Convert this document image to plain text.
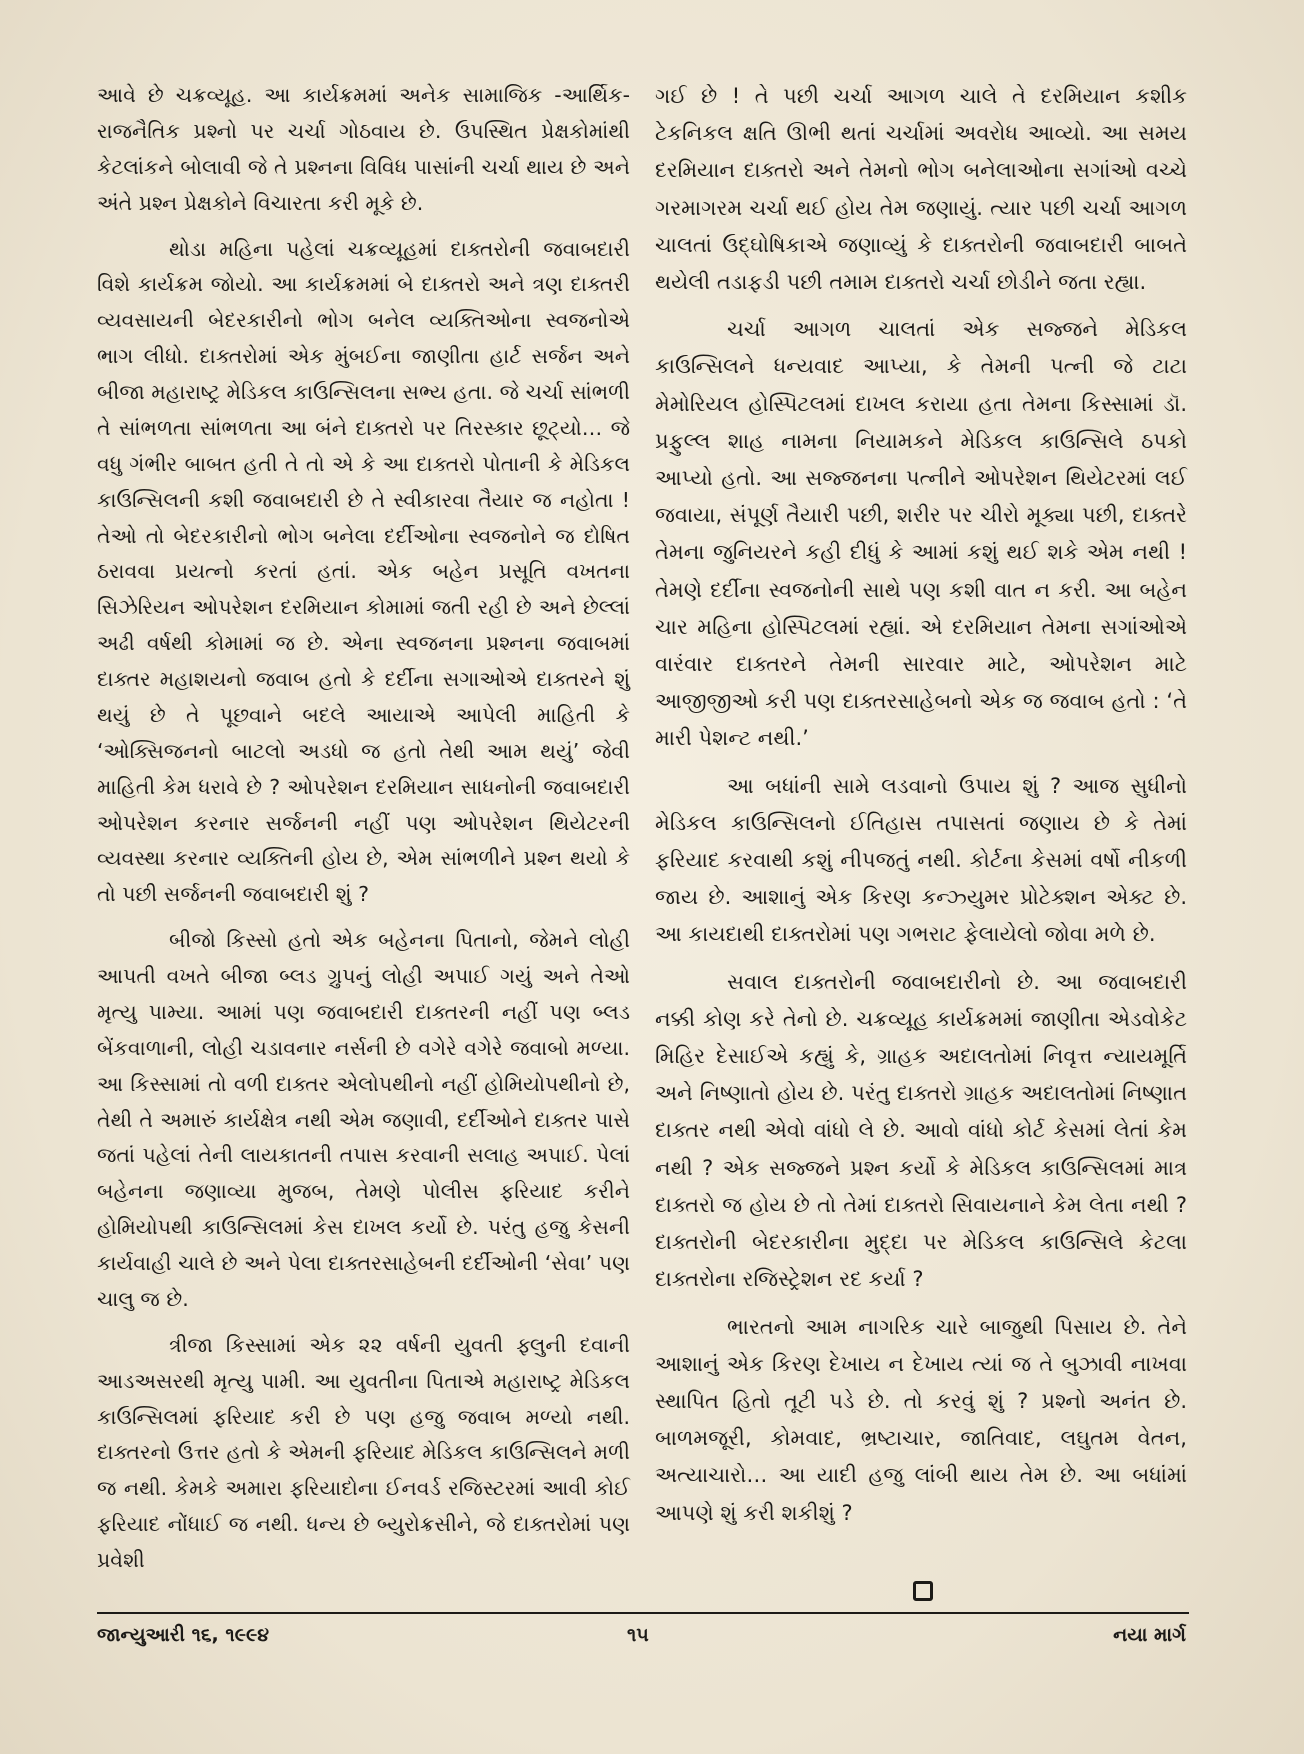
આવે છે ચક્રવ્યૂહ. આ કાર્યક્રમમાં અનેક સામાજિક -આર્થિક-રાજનૈતિક પ્રશ્નો પર ચર્ચા ગોઠવાય છે. ઉપસ્થિત પ્રેક્ષકોમાંથી કેટલાંકને બોલાવી જે તે પ્રશ્નના વિવિધ પાસાંની ચર્ચા થાય છે અને અંતે પ્રશ્ન પ્રેક્ષકોને વિચારતા કરી મૂકે છે.

થોડા મહિના પહેલાં ચક્રવ્યૂહમાં દાક્તરોની જવાબદારી વિશે કાર્યક્રમ જોયો. આ કાર્યક્રમમાં બે દાક્તરો અને ત્રણ દાક્તરી વ્યવસાયની બેદરકારીનો ભોગ બનેલ વ્યક્તિઓના સ્વજનોએ ભાગ લીધો. દાક્તરોમાં એક મુંબઈના જાણીતા હાર્ટ સર્જન અને બીજા મહારાષ્ટ્ર મેડિકલ કાઉન્સિલના સભ્ય હતા. જે ચર્ચા સાંભળી તે સાંભળતા સાંભળતા આ બંને દાક્તરો પર તિરસ્કાર છૂટ્યો… જે વધુ ગંભીર બાબત હતી તે તો એ કે આ દાક્તરો પોતાની કે મેડિકલ કાઉન્સિલની કશી જવાબદારી છે તે સ્વીકારવા તૈયાર જ નહોતા ! તેઓ તો બેદરકારીનો ભોગ બનેલા દર્દીઓના સ્વજનોને જ દોષિત ઠરાવવા પ્રયત્નો કરતાં હતાં. એક બહેન પ્રસૂતિ વખતના સિઝેરિયન ઓપરેશન દરમિયાન કોમામાં જતી રહી છે અને છેલ્લાં અઢી વર્ષથી કોમામાં જ છે. એના સ્વજનના પ્રશ્નના જવાબમાં દાક્તર મહાશયનો જવાબ હતો કે દર્દીના સગાઓએ દાક્તરને શું થયું છે તે પૂછવાને બદલે આયાએ આપેલી માહિતી કે ‘ઓક્સિજનનો બાટલો અડધો જ હતો તેથી આમ થયું’ જેવી માહિતી કેમ ધરાવે છે ? ઓપરેશન દરમિયાન સાધનોની જવાબદારી ઓપરેશન કરનાર સર્જનની નહીં પણ ઓપરેશન થિયેટરની વ્યવસ્થા કરનાર વ્યક્તિની હોય છે, એમ સાંભળીને પ્રશ્ન થયો કે તો પછી સર્જનની જવાબદારી શું ?

બીજો કિસ્સો હતો એક બહેનના પિતાનો, જેમને લોહી આપતી વખતે બીજા બ્લડ ગ્રુપનું લોહી અપાઈ ગયું અને તેઓ મૃત્યુ પામ્યા. આમાં પણ જવાબદારી દાક્તરની નહીં પણ બ્લડ બેંકવાળાની, લોહી ચડાવનાર નર્સની છે વગેરે વગેરે જવાબો મળ્યા. આ કિસ્સામાં તો વળી દાક્તર એલોપથીનો નહીં હોમિયોપથીનો છે, તેથી તે અમારું કાર્યક્ષેત્ર નથી એમ જણાવી, દર્દીઓને દાક્તર પાસે જતાં પહેલાં તેની લાયકાતની તપાસ કરવાની સલાહ અપાઈ. પેલાં બહેનના જણાવ્યા મુજબ, તેમણે પોલીસ ફરિયાદ કરીને હોમિયોપથી કાઉન્સિલમાં કેસ દાખલ કર્યો છે. પરંતુ હજુ કેસની કાર્યવાહી ચાલે છે અને પેલા દાક્તરસાહેબની દર્દીઓની ‘સેવા’ પણ ચાલુ જ છે.

ત્રીજા કિસ્સામાં એક ૨૨ વર્ષની યુવતી ફ્લુની દવાની આડઅસરથી મૃત્યુ પામી. આ યુવતીના પિતાએ મહારાષ્ટ્ર મેડિકલ કાઉન્સિલમાં ફરિયાદ કરી છે પણ હજુ જવાબ મળ્યો નથી. દાક્તરનો ઉત્તર હતો કે એમની ફરિયાદ મેડિકલ કાઉન્સિલને મળી જ નથી. કેમકે અમારા ફરિયાદોના ઈનવર્ડ રજિસ્ટરમાં આવી કોઈ ફરિયાદ નોંધાઈ જ નથી. ધન્ય છે બ્યુરોક્રસીને, જે દાક્તરોમાં પણ પ્રવેશી

ગઈ છે ! તે પછી ચર્ચા આગળ ચાલે તે દરમિયાન કશીક ટેકનિકલ ક્ષતિ ઊભી થતાં ચર્ચામાં અવરોધ આવ્યો. આ સમય દરમિયાન દાક્તરો અને તેમનો ભોગ બનેલાઓના સગાંઓ વચ્ચે ગરમાગરમ ચર્ચા થઈ હોય તેમ જણાયું. ત્યાર પછી ચર્ચા આગળ ચાલતાં ઉદ્ઘોષિકાએ જણાવ્યું કે દાક્તરોની જવાબદારી બાબતે થયેલી તડાફડી પછી તમામ દાક્તરો ચર્ચા છોડીને જતા રહ્યા.

ચર્ચા આગળ ચાલતાં એક સજ્જને મેડિકલ કાઉન્સિલને ધન્યવાદ આપ્યા, કે તેમની પત્ની જે ટાટા મેમોરિયલ હોસ્પિટલમાં દાખલ કરાયા હતા તેમના કિસ્સામાં ડૉ. પ્રફુલ્લ શાહ નામના નિયામકને મેડિકલ કાઉન્સિલે ઠપકો આપ્યો હતો. આ સજ્જનના પત્નીને ઓપરેશન થિયેટરમાં લઈ જવાયા, સંપૂર્ણ તૈયારી પછી, શરીર પર ચીરો મૂક્યા પછી, દાક્તરે તેમના જુનિયરને કહી દીધું કે આમાં કશું થઈ શકે એમ નથી ! તેમણે દર્દીના સ્વજનોની સાથે પણ કશી વાત ન કરી. આ બહેન ચાર મહિના હોસ્પિટલમાં રહ્યાં. એ દરમિયાન તેમના સગાંઓએ વારંવાર દાક્તરને તેમની સારવાર માટે, ઓપરેશન માટે આજીજીઓ કરી પણ દાક્તરસાહેબનો એક જ જવાબ હતો : ‘તે મારી પેશન્ટ નથી.’

આ બધાંની સામે લડવાનો ઉપાય શું ? આજ સુધીનો મેડિકલ કાઉન્સિલનો ઈતિહાસ તપાસતાં જણાય છે કે તેમાં ફરિયાદ કરવાથી કશું નીપજતું નથી. કોર્ટના કેસમાં વર્ષો નીકળી જાય છે. આશાનું એક કિરણ કન્ઝ્યુમર પ્રોટેક્શન એક્ટ છે. આ કાયદાથી દાક્તરોમાં પણ ગભરાટ ફેલાયેલો જોવા મળે છે.

સવાલ દાક્તરોની જવાબદારીનો છે. આ જવાબદારી નક્કી કોણ કરે તેનો છે. ચક્રવ્યૂહ કાર્યક્રમમાં જાણીતા એડવોકેટ મિહિર દેસાઈએ કહ્યું કે, ગ્રાહક અદાલતોમાં નિવૃત્ત ન્યાયમૂર્તિ અને નિષ્ણાતો હોય છે. પરંતુ દાક્તરો ગ્રાહક અદાલતોમાં નિષ્ણાત દાક્તર નથી એવો વાંધો લે છે. આવો વાંધો કોર્ટ કેસમાં લેતાં કેમ નથી ? એક સજ્જને પ્રશ્ન કર્યો કે મેડિકલ કાઉન્સિલમાં માત્ર દાક્તરો જ હોય છે તો તેમાં દાક્તરો સિવાયનાને કેમ લેતા નથી ? દાક્તરોની બેદરકારીના મુદ્દા પર મેડિકલ કાઉન્સિલે કેટલા દાક્તરોના રજિસ્ટ્રેશન રદ કર્યા ?

ભારતનો આમ નાગરિક ચારે બાજુથી પિસાય છે. તેને આશાનું એક કિરણ દેખાય ન દેખાય ત્યાં જ તે બુઝાવી નાખવા સ્થાપિત હિતો તૂટી પડે છે. તો કરવું શું ? પ્રશ્નો અનંત છે. બાળમજૂરી, કોમવાદ, ભ્રષ્ટાચાર, જાતિવાદ, લઘુતમ વેતન, અત્યાચારો… આ યાદી હજુ લાંબી થાય તેમ છે. આ બધાંમાં આપણે શું કરી શકીશું ?

જાન્યુઆરી ૧૬, ૧૯૯૪	૧૫	નયા માર્ગ
